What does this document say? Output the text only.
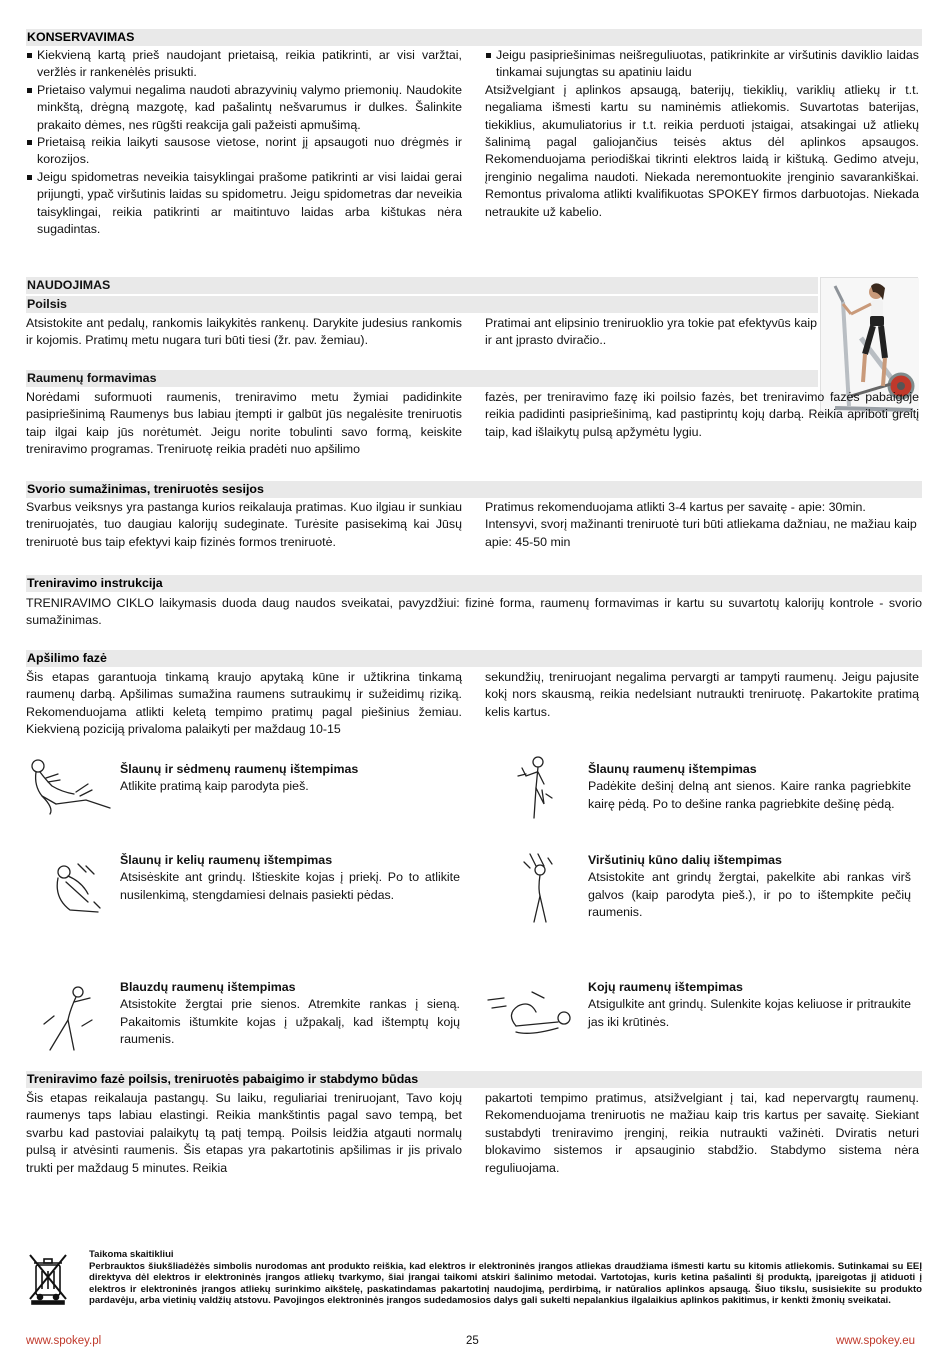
KONSERVAVIMAS
Kiekvieną kartą prieš naudojant prietaisą, reikia patikrinti, ar visi varžtai, veržlės ir rankenėlės prisukti.
Prietaiso valymui negalima naudoti abrazyvinių valymo priemonių. Naudokite minkštą, drėgną mazgotę, kad pašalintų nešvarumus ir dulkes. Šalinkite prakaito dėmes, nes rūgšti reakcija gali pažeisti apmušimą.
Prietaisą reikia laikyti sausose vietose, norint jį apsaugoti nuo drėgmės ir korozijos.
Jeigu spidometras neveikia taisyklingai prašome patikrinti ar visi laidai gerai prijungti, ypač viršutinis laidas su spidometru. Jeigu spidometras dar neveikia taisyklingai, reikia patikrinti ar maitintuvo laidas arba kištukas nėra sugadintas.
Jeigu pasipriešinimas neišreguliuotas, patikrinkite ar viršutinis daviklio laidas tinkamai sujungtas su apatiniu laidu

Atsižvelgiant į aplinkos apsaugą, baterijų, tiekiklių, variklių atliekų ir t.t. negaliama išmesti kartu su naminėmis atliekomis. Suvartotas baterijas, tiekiklius, akumuliatorius ir t.t. reikia perduoti įstaigai, atsakingai už atliekų šalinimą pagal galiojančius teisės aktus dėl aplinkos apsaugos. Rekomenduojama periodiškai tikrinti elektros laidą ir kištuką. Gedimo atveju, įrenginio negalima naudoti. Niekada neremontuokite įrenginio savarankiškai. Remontus privaloma atlikti kvalifikuotas SPOKEY firmos darbuotojas. Niekada netraukite už kabelio.

NAUDOJIMAS
Poilsis
Atsistokite ant pedalų, rankomis laikykitės rankenų. Darykite judesius rankomis ir kojomis. Pratimų metu nugara turi būti tiesi (žr. pav. žemiau).
Pratimai ant elipsinio treniruoklio yra tokie pat efektyvūs kaip ir ant įprasto dviračio..
Raumenų formavimas
Norėdami suformuoti raumenis, treniravimo metu žymiai padidinkite pasipriešinimą Raumenys bus labiau įtempti ir galbūt jūs negalėsite treniruotis taip ilgai kaip jūs norėtumėt. Jeigu norite tobulinti savo formą, keiskite treniravimo programas. Treniruotę reikia pradėti nuo apšilimo
fazės, per treniravimo fazę iki poilsio fazės, bet treniravimo fazės pabaigoje reikia padidinti pasipriešinimą, kad pastiprintų kojų darbą. Reikia apriboti greitį taip, kad išlaikytų pulsą apžymėtu lygiu.
Svorio sumažinimas, treniruotės sesijos
Svarbus veiksnys yra pastanga kurios reikalauja pratimas. Kuo ilgiau ir sunkiau treniruojatės, tuo daugiau kalorijų sudeginate. Turėsite pasisekimą kai Jūsų treniruotė bus taip efektyvi kaip fizinės formos treniruotė.
Pratimus rekomenduojama atlikti 3-4 kartus per savaitę - apie: 30min. Intensyvi, svorį mažinanti treniruotė turi būti atliekama dažniau, ne mažiau kaip apie: 45-50 min
Treniravimo instrukcija
TRENIRAVIMO CIKLO laikymasis duoda daug naudos sveikatai, pavyzdžiui: fizinė forma, raumenų formavimas ir kartu su suvartotų kalorijų kontrole - svorio sumažinimas.
Apšilimo fazė
Šis etapas garantuoja tinkamą kraujo apytaką kūne ir užtikrina tinkamą raumenų darbą. Apšilimas sumažina raumens sutraukimų ir sužeidimų riziką. Rekomenduojama atlikti keletą tempimo pratimų pagal piešinius žemiau. Kiekvieną poziciją privaloma palaikyti per maždaug 10-15
sekundžių, treniruojant negalima pervargti ar tampyti raumenų. Jeigu pajusite kokį nors skausmą, reikia nedelsiant nutraukti treniruotę. Pakartokite pratimą kelis kartus.
Šlaunų ir sėdmenų raumenų ištempimas
Atlikite pratimą kaip parodyta pieš.
Šlaunų raumenų ištempimas
Padėkite dešinį delną ant sienos. Kaire ranka pagriebkite kairę pėdą. Po to dešine ranka pagriebkite dešinę pėdą.
Šlaunų ir kelių raumenų ištempimas
Atsisėskite ant grindų. Ištieskite kojas į priekį. Po to atlikite nusilenkimą, stengdamiesi delnais pasiekti pėdas.
Viršutinių kūno dalių ištempimas
Atsistokite ant grindų žergtai, pakelkite abi rankas virš galvos (kaip parodyta pieš.), ir po to ištempkite pečių raumenis.
Blauzdų raumenų ištempimas
Atsistokite žergtai prie sienos. Atremkite rankas į sieną. Pakaitomis ištumkite kojas į užpakalį, kad ištemptų kojų raumenis.
Kojų raumenų ištempimas
Atsigulkite ant grindų. Sulenkite kojas keliuose ir pritraukite jas iki krūtinės.
Treniravimo fazė poilsis, treniruotės pabaigimo ir stabdymo būdas
Šis etapas reikalauja pastangų. Su laiku, reguliariai treniruojant, Tavo kojų raumenys taps labiau elastingi. Reikia mankštintis pagal savo tempą, bet svarbu kad pastoviai palaikytų tą patį tempą. Poilsis leidžia atgauti normalų pulsą ir atvėsinti raumenis. Šis etapas yra pakartotinis apšilimas ir jis privalo trukti per maždaug 5 minutes. Reikia
pakartoti tempimo pratimus, atsižvelgiant į tai, kad nepervargtų raumenų. Rekomenduojama treniruotis ne mažiau kaip tris kartus per savaitę. Siekiant sustabdyti treniravimo įrenginį, reikia nutraukti važinėti. Dviratis neturi blokavimo sistemos ir apsauginio stabdžio. Stabdymo sistema nėra reguliuojama.
Taikoma skaitikliui
Perbrauktos šiukšliadėžės simbolis nurodomas ant produkto reiškia, kad elektros ir elektroninės įrangos atliekas draudžiama išmesti kartu su kitomis atliekomis. Sutinkamai su EEĮ direktyva dėl elektros ir elektroninės įrangos atliekų tvarkymo, šiai įrangai taikomi atskiri šalinimo metodai. Vartotojas, kuris ketina pašalinti šį produktą, įpareigotas jį atiduoti į elektros ir elektroninės įrangos atliekų surinkimo aikštelę, paskatindamas pakartotinį naudojimą, perdirbimą, ir natūralios aplinkos apsaugą. Šiuo tikslu, susisiekite su produkto pardavėju, arba vietinių valdžių atstovu. Pavojingos elektroninės įrangos sudedamosios dalys gali sukelti nepalankius ilgalaikius aplinkos pakitimus, ir kenkti žmonių sveikatai.
www.spokey.pl	25	www.spokey.eu
